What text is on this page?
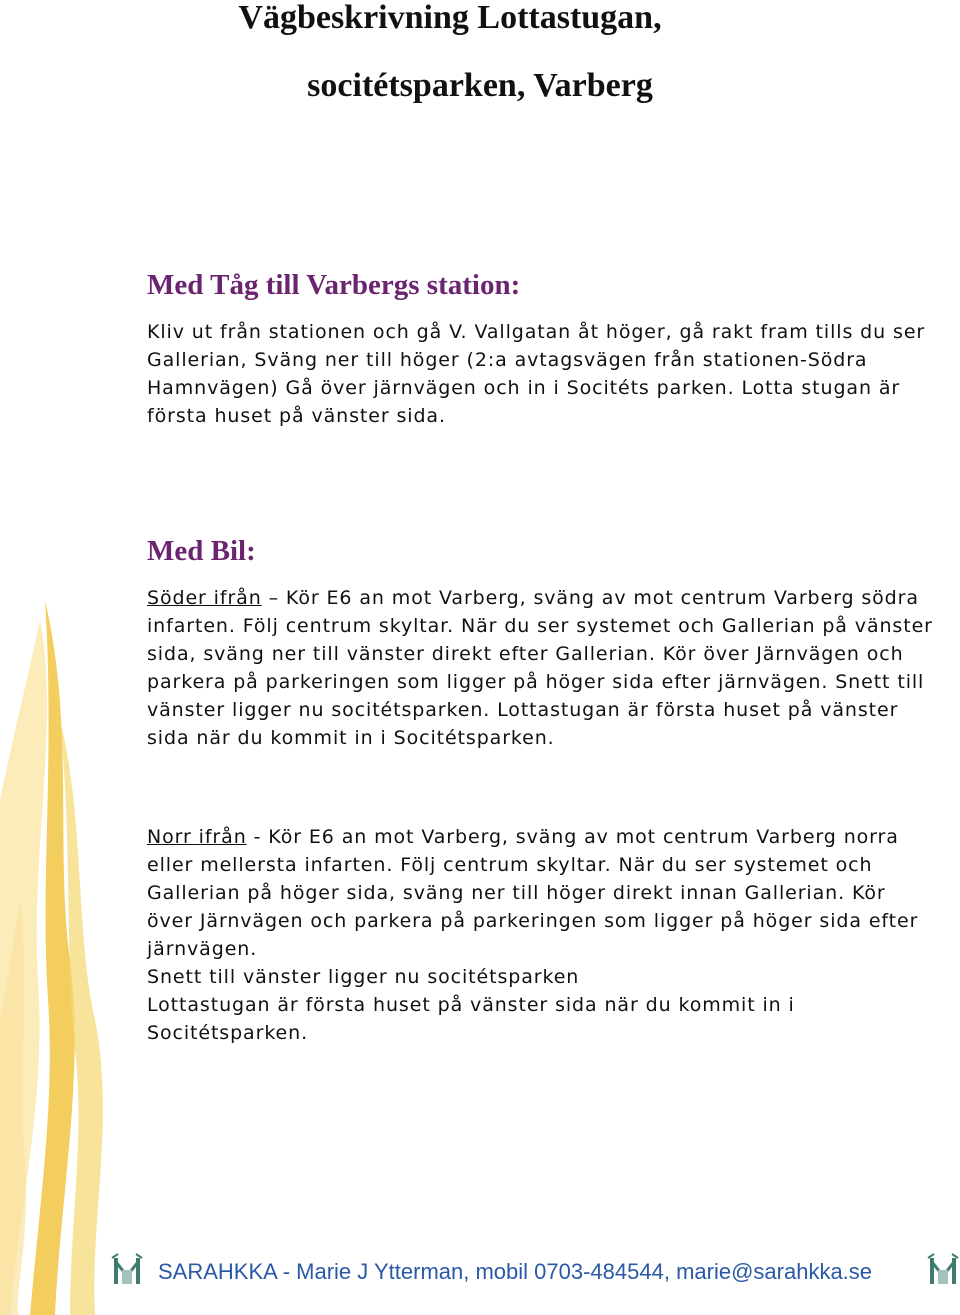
Vägbeskrivning Lottastugan,
socitétsparken, Varberg
Med Tåg till Varbergs station:

Kliv ut från stationen och gå V. Vallgatan åt höger, gå rakt fram tills du ser Gallerian, Sväng ner till höger (2:a avtagsvägen från stationen-Södra Hamnvägen) Gå över järnvägen och in i Socitéts parken. Lotta stugan är första huset på vänster sida.

Med Bil:

Söder ifrån – Kör E6 an mot Varberg, sväng av mot centrum Varberg södra infarten. Följ centrum skyltar. När du ser systemet och Gallerian på vänster sida, sväng ner till vänster direkt efter Gallerian. Kör över Järnvägen och parkera på parkeringen som ligger på höger sida efter järnvägen. Snett till vänster ligger nu socitétsparken. Lottastugan är första huset på vänster sida när du kommit in i Socitétsparken.

Norr ifrån - Kör E6 an mot Varberg, sväng av mot centrum Varberg norra eller mellersta infarten. Följ centrum skyltar. När du ser systemet och Gallerian på höger sida, sväng ner till höger direkt innan Gallerian. Kör över Järnvägen och parkera på parkeringen som ligger på höger sida efter järnvägen.
Snett till vänster ligger nu socitétsparken
Lottastugan är första huset på vänster sida när du kommit in i Socitétsparken.
SARAHKKA - Marie J Ytterman, mobil 0703-484544, marie@sarahkka.se
